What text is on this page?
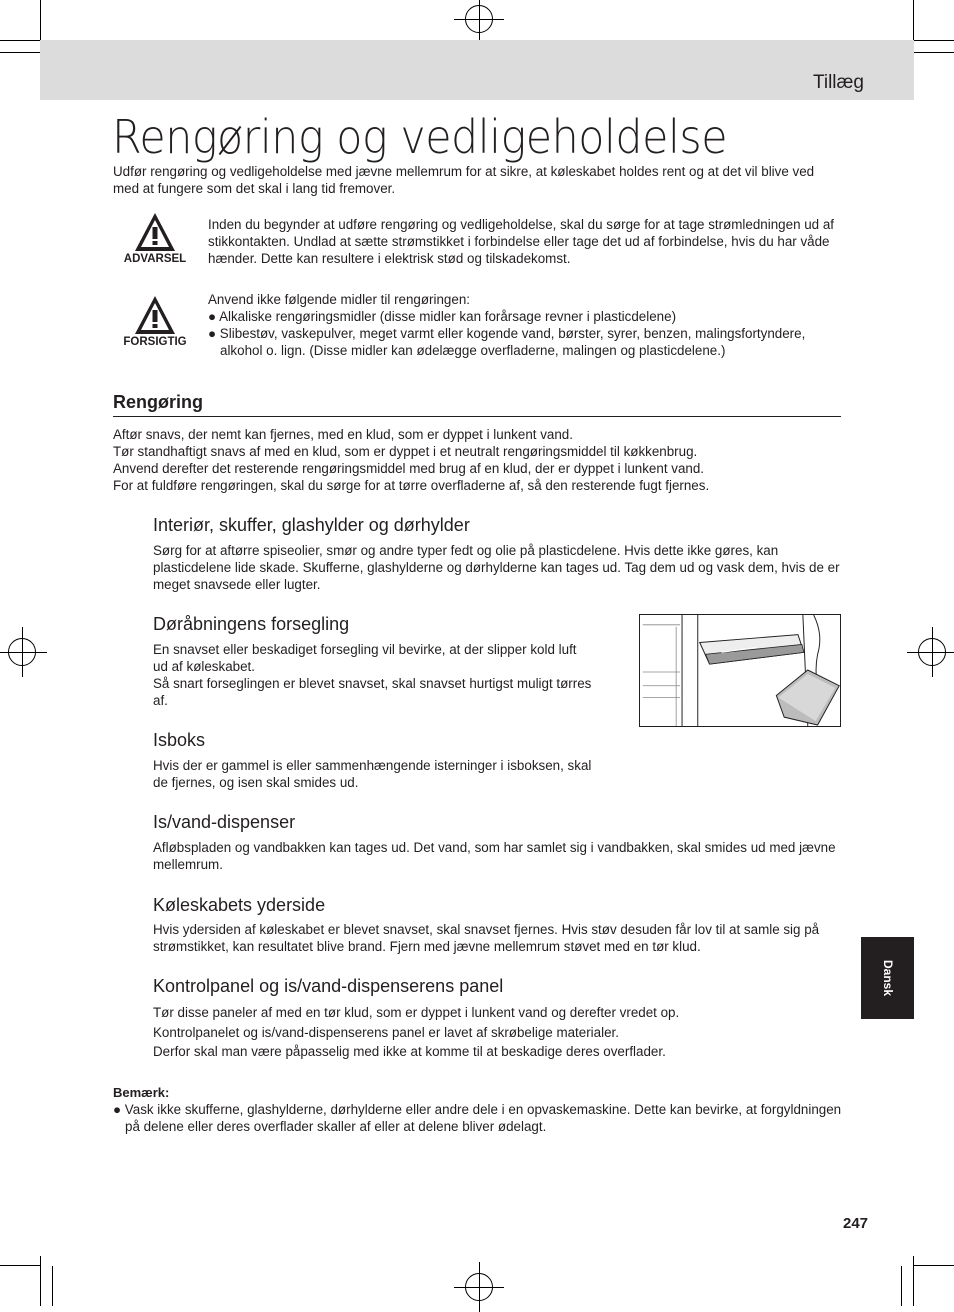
Tillæg
Rengøring og vedligeholdelse
Udfør rengøring og vedligeholdelse med jævne mellemrum for at sikre, at køleskabet holdes rent og at det vil blive ved med at fungere som det skal i lang tid fremover.
ADVARSEL
Inden du begynder at udføre rengøring og vedligeholdelse, skal du sørge for at tage strømledningen ud af stikkontakten. Undlad at sætte strømstikket i forbindelse eller tage det ud af forbindelse, hvis du har våde hænder. Dette kan resultere i elektrisk stød og tilskadekomst.
FORSIGTIG
Anvend ikke følgende midler til rengøringen:
● Alkaliske rengøringsmidler (disse midler kan forårsage revner i plasticdelene)
● Slibestøv, vaskepulver, meget varmt eller kogende vand, børster, syrer, benzen, malingsfortyndere, alkohol o. lign. (Disse midler kan ødelægge overfladerne, malingen og plasticdelene.)
Rengøring
Aftør snavs, der nemt kan fjernes, med en klud, som er dyppet i lunkent vand.
Tør standhaftigt snavs af med en klud, som er dyppet i et neutralt rengøringsmiddel til køkkenbrug.
Anvend derefter det resterende rengøringsmiddel med brug af en klud, der er dyppet i lunkent vand.
For at fuldføre rengøringen, skal du sørge for at tørre overfladerne af, så den resterende fugt fjernes.
Interiør, skuffer, glashylder og dørhylder
Sørg for at aftørre spiseolier, smør og andre typer fedt og olie på plasticdelene. Hvis dette ikke gøres, kan plasticdelene lide skade. Skufferne, glashylderne og dørhylderne kan tages ud. Tag dem ud og vask dem, hvis de er meget snavsede eller lugter.
Døråbningens forsegling
En snavset eller beskadiget forsegling vil bevirke, at der slipper kold luft ud af køleskabet.
Så snart forseglingen er blevet snavset, skal snavset hurtigst muligt tørres af.
Isboks
Hvis der er gammel is eller sammenhængende isterninger i isboksen, skal de fjernes, og isen skal smides ud.
Is/vand-dispenser
Afløbspladen og vandbakken kan tages ud. Det vand, som har samlet sig i vandbakken, skal smides ud med jævne mellemrum.
Køleskabets yderside
Hvis ydersiden af køleskabet er blevet snavset, skal snavset fjernes. Hvis støv desuden får lov til at samle sig på strømstikket, kan resultatet blive brand. Fjern med jævne mellemrum støvet med en tør klud.
Kontrolpanel og is/vand-dispenserens panel
Tør disse paneler af med en tør klud, som er dyppet i lunkent vand og derefter vredet op.
Kontrolpanelet og is/vand-dispenserens panel er lavet af skrøbelige materialer.
Derfor skal man være påpasselig med ikke at komme til at beskadige deres overflader.
Dansk
Bemærk:
● Vask ikke skufferne, glashylderne, dørhylderne eller andre dele i en opvaskemaskine. Dette kan bevirke, at forgyldningen på delene eller deres overflader skaller af eller at delene bliver ødelagt.
247
